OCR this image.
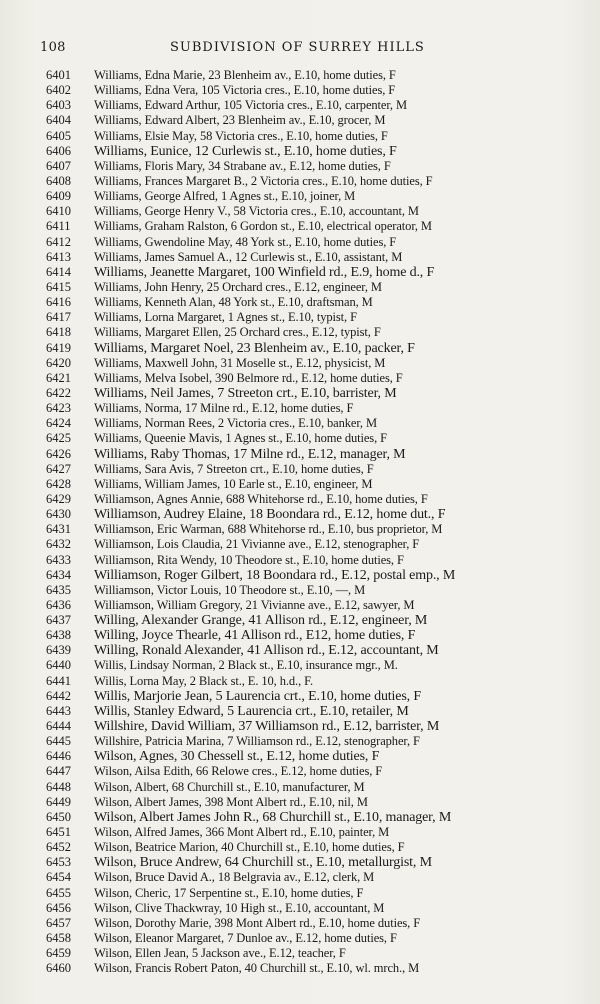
108	SUBDIVISION OF SURREY HILLS
6401	Williams, Edna Marie, 23 Blenheim av., E.10, home duties, F
6402	Williams, Edna Vera, 105 Victoria cres., E.10, home duties, F
6403	Williams, Edward Arthur, 105 Victoria cres., E.10, carpenter, M
6404	Williams, Edward Albert, 23 Blenheim av., E.10, grocer, M
6405	Williams, Elsie May, 58 Victoria cres., E.10, home duties, F
6406	Williams, Eunice, 12 Curlewis st., E.10, home duties, F
6407	Williams, Floris Mary, 34 Strabane av., E.12, home duties, F
6408	Williams, Frances Margaret B., 2 Victoria cres., E.10, home duties, F
6409	Williams, George Alfred, 1 Agnes st., E.10, joiner, M
6410	Williams, George Henry V., 58 Victoria cres., E.10, accountant, M
6411	Williams, Graham Ralston, 6 Gordon st., E.10, electrical operator, M
6412	Williams, Gwendoline May, 48 York st., E.10, home duties, F
6413	Williams, James Samuel A., 12 Curlewis st., E.10, assistant, M
6414	Williams, Jeanette Margaret, 100 Winfield rd., E.9, home d., F
6415	Williams, John Henry, 25 Orchard cres., E.12, engineer, M
6416	Williams, Kenneth Alan, 48 York st., E.10, draftsman, M
6417	Williams, Lorna Margaret, 1 Agnes st., E.10, typist, F
6418	Williams, Margaret Ellen, 25 Orchard cres., E.12, typist, F
6419	Williams, Margaret Noel, 23 Blenheim av., E.10, packer, F
6420	Williams, Maxwell John, 31 Moselle st., E.12, physicist, M
6421	Williams, Melva Isobel, 390 Belmore rd., E.12, home duties, F
6422	Williams, Neil James, 7 Streeton crt., E.10, barrister, M
6423	Williams, Norma, 17 Milne rd., E.12, home duties, F
6424	Williams, Norman Rees, 2 Victoria cres., E.10, banker, M
6425	Williams, Queenie Mavis, 1 Agnes st., E.10, home duties, F
6426	Williams, Raby Thomas, 17 Milne rd., E.12, manager, M
6427	Williams, Sara Avis, 7 Streeton crt., E.10, home duties, F
6428	Williams, William James, 10 Earle st., E.10, engineer, M
6429	Williamson, Agnes Annie, 688 Whitehorse rd., E.10, home duties, F
6430	Williamson, Audrey Elaine, 18 Boondara rd., E.12, home dut., F
6431	Williamson, Eric Warman, 688 Whitehorse rd., E.10, bus proprietor, M
6432	Williamson, Lois Claudia, 21 Vivianne ave., E.12, stenographer, F
6433	Williamson, Rita Wendy, 10 Theodore st., E.10, home duties, F
6434	Williamson, Roger Gilbert, 18 Boondara rd., E.12, postal emp., M
6435	Williamson, Victor Louis, 10 Theodore st., E.10, —, M
6436	Williamson, William Gregory, 21 Vivianne ave., E.12, sawyer, M
6437	Willing, Alexander Grange, 41 Allison rd., E.12, engineer, M
6438	Willing, Joyce Thearle, 41 Allison rd., E12, home duties, F
6439	Willing, Ronald Alexander, 41 Allison rd., E.12, accountant, M
6440	Willis, Lindsay Norman, 2 Black st., E.10, insurance mgr., M.
6441	Willis, Lorna May, 2 Black st., E. 10, h.d., F.
6442	Willis, Marjorie Jean, 5 Laurencia crt., E.10, home duties, F
6443	Willis, Stanley Edward, 5 Laurencia crt., E.10, retailer, M
6444	Willshire, David William, 37 Williamson rd., E.12, barrister, M
6445	Willshire, Patricia Marina, 7 Williamson rd., E.12, stenographer, F
6446	Wilson, Agnes, 30 Chessell st., E.12, home duties, F
6447	Wilson, Ailsa Edith, 66 Relowe cres., E.12, home duties, F
6448	Wilson, Albert, 68 Churchill st., E.10, manufacturer, M
6449	Wilson, Albert James, 398 Mont Albert rd., E.10, nil, M
6450	Wilson, Albert James John R., 68 Churchill st., E.10, manager, M
6451	Wilson, Alfred James, 366 Mont Albert rd., E.10, painter, M
6452	Wilson, Beatrice Marion, 40 Churchill st., E.10, home duties, F
6453	Wilson, Bruce Andrew, 64 Churchill st., E.10, metallurgist, M
6454	Wilson, Bruce David A., 18 Belgravia av., E.12, clerk, M
6455	Wilson, Cheric, 17 Serpentine st., E.10, home duties, F
6456	Wilson, Clive Thackwray, 10 High st., E.10, accountant, M
6457	Wilson, Dorothy Marie, 398 Mont Albert rd., E.10, home duties, F
6458	Wilson, Eleanor Margaret, 7 Dunloe av., E.12, home duties, F
6459	Wilson, Ellen Jean, 5 Jackson ave., E.12, teacher, F
6460	Wilson, Francis Robert Paton, 40 Churchill st., E.10, wl. mrch., M
